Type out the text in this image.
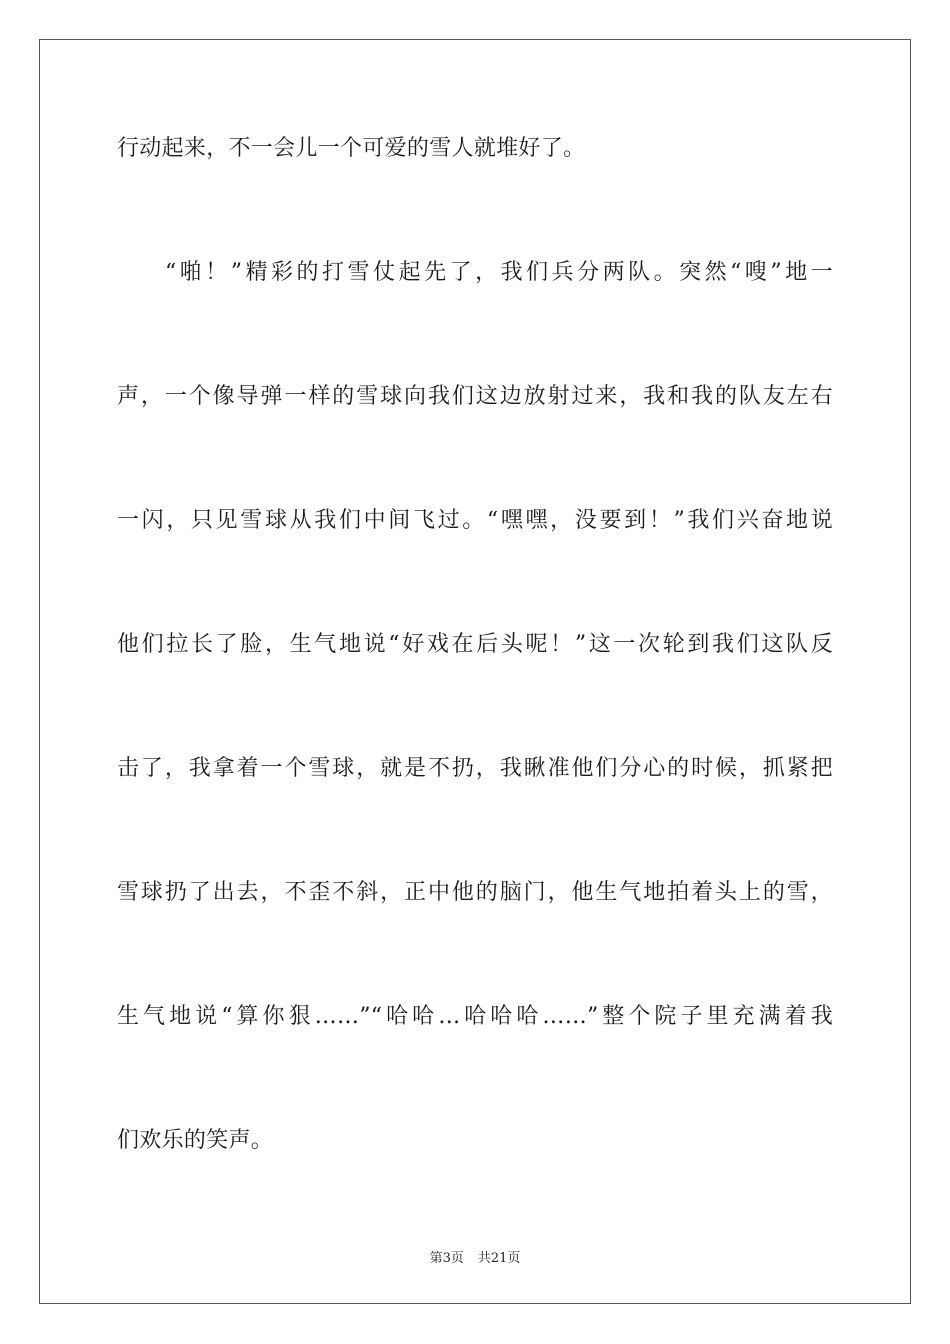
行动起来，不一会儿一个可爱的雪人就堆好了。
“啪！”精彩的打雪仗起先了，我们兵分两队。突然“嗖”地一
声，一个像导弹一样的雪球向我们这边放射过来，我和我的队友左右
一闪，只见雪球从我们中间飞过。“嘿嘿，没要到！”我们兴奋地说
他们拉长了脸，生气地说“好戏在后头呢！”这一次轮到我们这队反
击了，我拿着一个雪球，就是不扔，我瞅准他们分心的时候，抓紧把
雪球扔了出去，不歪不斜，正中他的脑门，他生气地拍着头上的雪，
生气地说“算你狠……”“哈哈…哈哈哈……”整个院子里充满着我
们欢乐的笑声。
第3页 共21页
